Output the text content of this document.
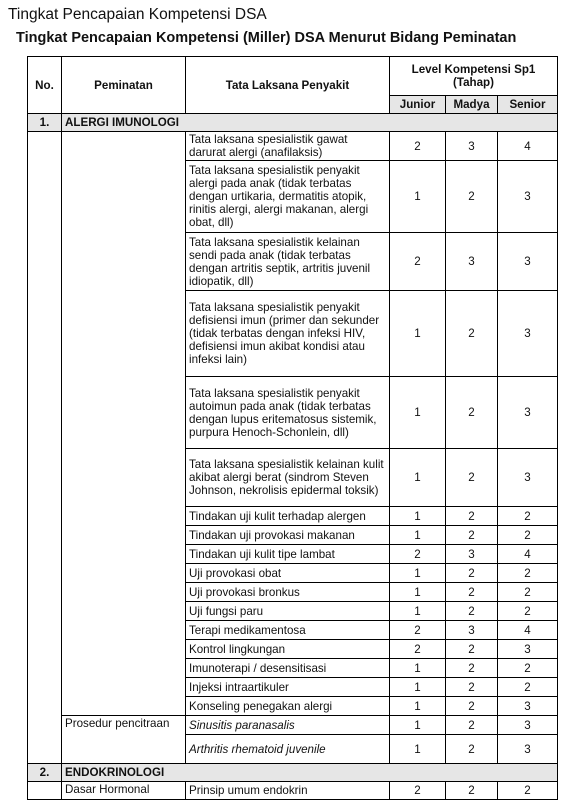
Tingkat Pencapaian Kompetensi DSA
Tingkat Pencapaian Kompetensi (Miller) DSA Menurut Bidang Peminatan
No.	Peminatan	Tata Laksana Penyakit	Level Kompetensi Sp1 (Tahap)		
			Junior	Madya	Senior
1.	ALERGI IMUNOLOGI				
		Tata laksana spesialistik gawat darurat alergi (anafilaksis)	2	3	4
		Tata laksana spesialistik penyakit alergi pada anak (tidak terbatas dengan urtikaria, dermatitis atopik, rinitis alergi, alergi makanan, alergi obat, dll)	1	2	3
		Tata laksana spesialistik kelainan sendi pada anak (tidak terbatas dengan artritis septik, artritis juvenil idiopatik, dll)	2	3	3
		Tata laksana spesialistik penyakit defisiensi imun (primer dan sekunder (tidak terbatas dengan infeksi HIV, defisiensi imun akibat kondisi atau infeksi lain)	1	2	3
		Tata laksana spesialistik penyakit autoimun pada anak (tidak terbatas dengan lupus eritematosus sistemik, purpura Henoch-Schonlein, dll)	1	2	3
		Tata laksana spesialistik kelainan kulit akibat alergi berat (sindrom Steven Johnson, nekrolisis epidermal toksik)	1	2	3
		Tindakan uji kulit terhadap alergen	1	2	2
		Tindakan uji provokasi makanan	1	2	2
		Tindakan uji kulit tipe lambat	2	3	4
		Uji provokasi obat	1	2	2
		Uji provokasi bronkus	1	2	2
		Uji fungsi paru	1	2	2
		Terapi medikamentosa	2	3	4
		Kontrol lingkungan	2	2	3
		Imunoterapi / desensitisasi	1	2	2
		Injeksi intraartikuler	1	2	2
		Konseling penegakan alergi	1	2	3
	Prosedur pencitraan	Sinusitis paranasalis	1	2	3
		Arthritis rhematoid juvenile	1	2	3
2.	ENDOKRINOLOGI				
	Dasar Hormonal	Prinsip umum endokrin	2	2	2
